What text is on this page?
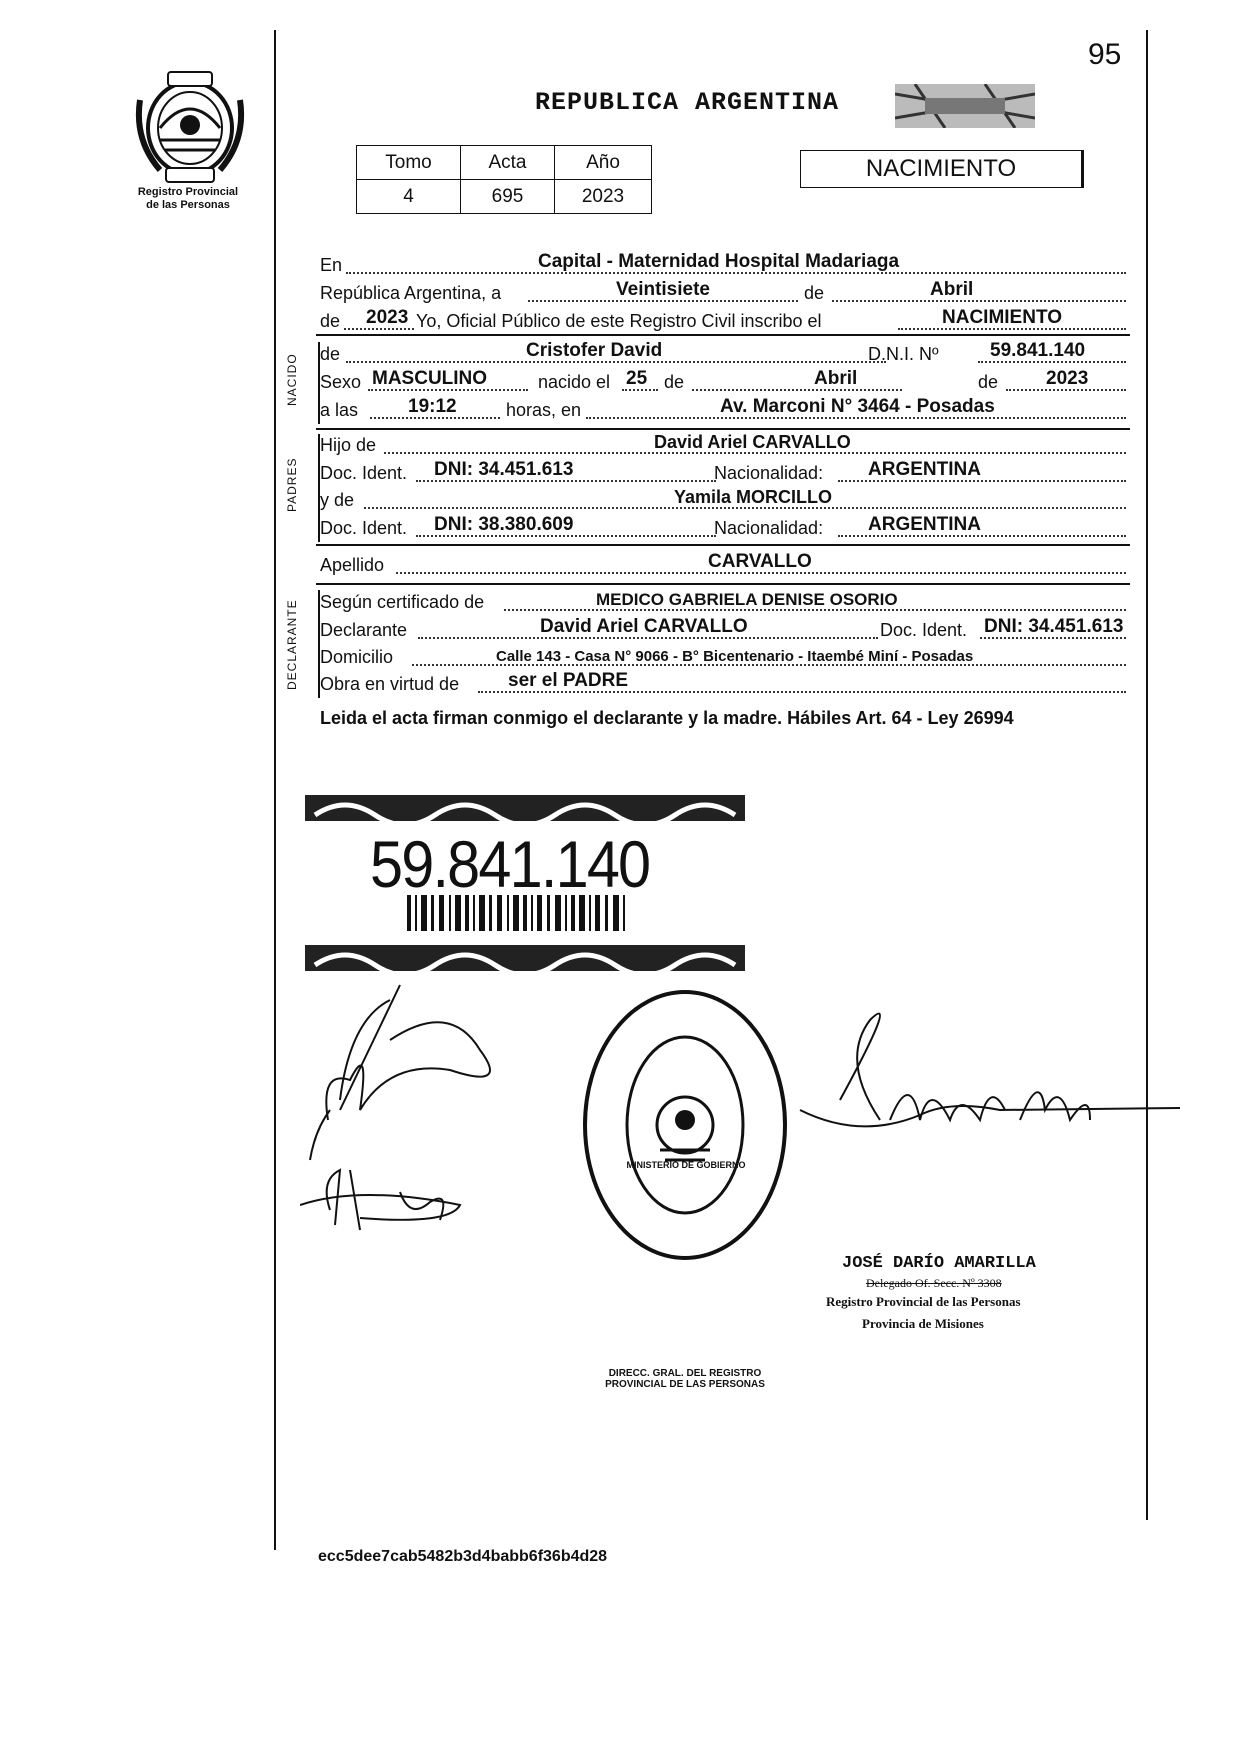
Registro Provincial
de las Personas
95
REPUBLICA ARGENTINA
Tomo	Acta	Año
4	695	2023
NACIMIENTO
En	Capital - Maternidad Hospital Madariaga
República Argentina, a	Veintisiete	de	Abril
de 2023 Yo, Oficial Público de este Registro Civil inscribo el	NACIMIENTO
NACIDO de	Cristofer David	D.N.I. Nº	59.841.140
Sexo MASCULINO	nacido el 25 de	Abril	de	2023
a las	19:12	horas, en	Av. Marconi N° 3464 - Posadas
PADRES
Hijo de	David Ariel CARVALLO
Doc. Ident. DNI: 34.451.613	Nacionalidad: ARGENTINA
y de	Yamila MORCILLO
Doc. Ident. DNI: 38.380.609	Nacionalidad: ARGENTINA
Apellido	CARVALLO
DECLARANTE Según certificado de	MEDICO GABRIELA DENISE OSORIO
Declarante	David Ariel CARVALLO	Doc. Ident. DNI: 34.451.613
Domicilio	Calle 143 - Casa N° 9066 - B° Bicentenario - Itaembé Miní - Posadas
Obra en virtud de	ser el PADRE
Leida el acta firman conmigo el declarante y la madre. Hábiles Art. 64 - Ley 26994
59.841.140
DIRECC. GRAL. DEL REGISTRO PROVINCIAL DE LAS PERSONAS
MINISTERIO DE GOBIERNO
JOSÉ DARÍO AMARILLA
Delegado Of. Secc. Nº 3308
Registro Provincial de las Personas
Provincia de Misiones
ecc5dee7cab5482b3d4babb6f36b4d28
